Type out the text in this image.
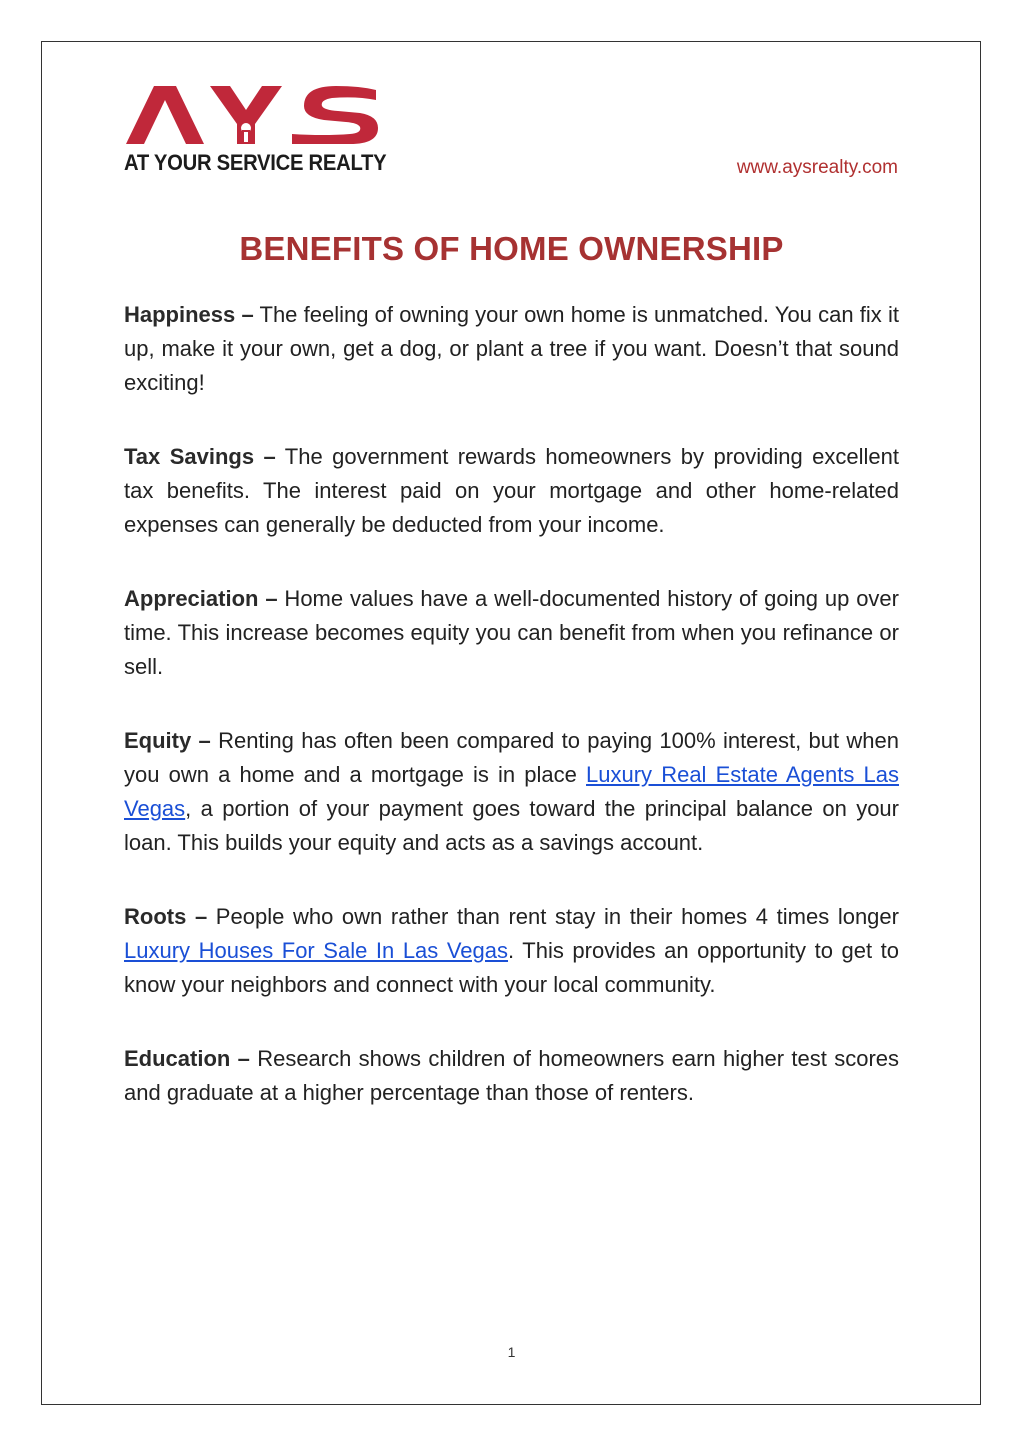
AT YOUR SERVICE REALTY	www.aysrealty.com
BENEFITS OF HOME OWNERSHIP

Happiness – The feeling of owning your own home is unmatched. You can fix it up, make it your own, get a dog, or plant a tree if you want. Doesn’t that sound exciting!

Tax Savings – The government rewards homeowners by providing excellent tax benefits. The interest paid on your mortgage and other home-related expenses can generally be deducted from your income.

Appreciation – Home values have a well-documented history of going up over time. This increase becomes equity you can benefit from when you refinance or sell.

Equity – Renting has often been compared to paying 100% interest, but when you own a home and a mortgage is in place Luxury Real Estate Agents Las Vegas, a portion of your payment goes toward the principal balance on your loan. This builds your equity and acts as a savings account.

Roots – People who own rather than rent stay in their homes 4 times longer Luxury Houses For Sale In Las Vegas. This provides an opportunity to get to know your neighbors and connect with your local community.

Education – Research shows children of homeowners earn higher test scores and graduate at a higher percentage than those of renters.

1
